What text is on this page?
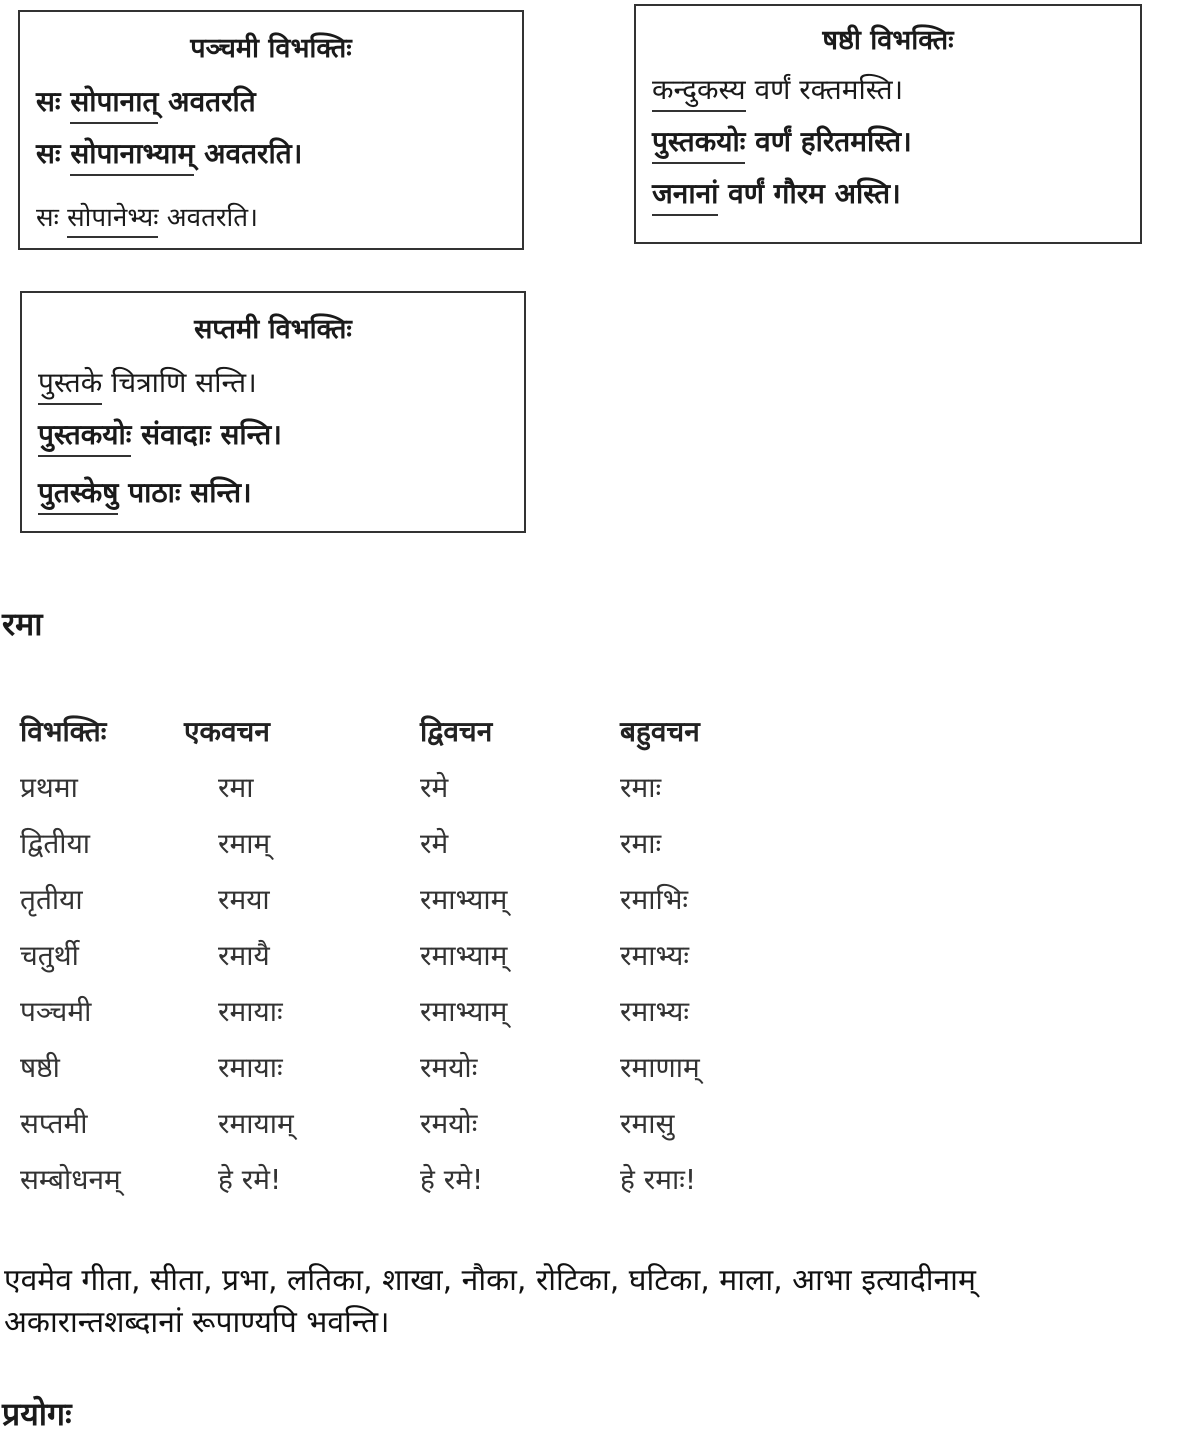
पञ्चमी विभक्तिः
सः सोपानात् अवतरति
सः सोपानाभ्याम् अवतरति।
सः सोपानेभ्यः अवतरति।
षष्ठी विभक्तिः
कन्दुकस्य वर्णं रक्तमस्ति।
पुस्तकयोः वर्णं हरितमस्ति।
जनानां वर्णं गौरम अस्ति।
सप्तमी विभक्तिः
पुस्तके चित्राणि सन्ति।
पुस्तकयोः संवादाः सन्ति।
पुतस्केषु पाठाः सन्ति।
रमा
विभक्तिः	एकवचन	द्विवचन	बहुवचन
प्रथमा	रमा	रमे	रमाः
द्वितीया	रमाम्	रमे	रमाः
तृतीया	रमया	रमाभ्याम्	रमाभिः
चतुर्थी	रमायै	रमाभ्याम्	रमाभ्यः
पञ्चमी	रमायाः	रमाभ्याम्	रमाभ्यः
षष्ठी	रमायाः	रमयोः	रमाणाम्
सप्तमी	रमायाम्	रमयोः	रमासु
सम्बोधनम्	हे रमे!	हे रमे!	हे रमाः!
एवमेव गीता, सीता, प्रभा, लतिका, शाखा, नौका, रोटिका, घटिका, माला, आभा इत्यादीनाम्
अकारान्तशब्दानां रूपाण्यपि भवन्ति।
प्रयोगः
